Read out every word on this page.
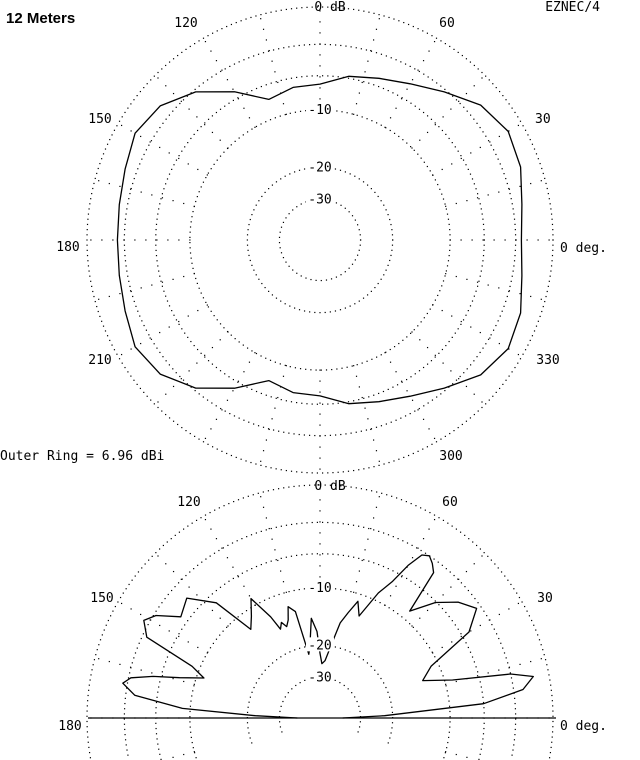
0 deg.
30
60
0 dB
120
150
180
210
300
330
-10
-20
-30
0 deg.
30
60
0 dB
120
150
180
-10
-20
-30
12 Meters
EZNEC/4
Outer Ring = 6.96 dBi
